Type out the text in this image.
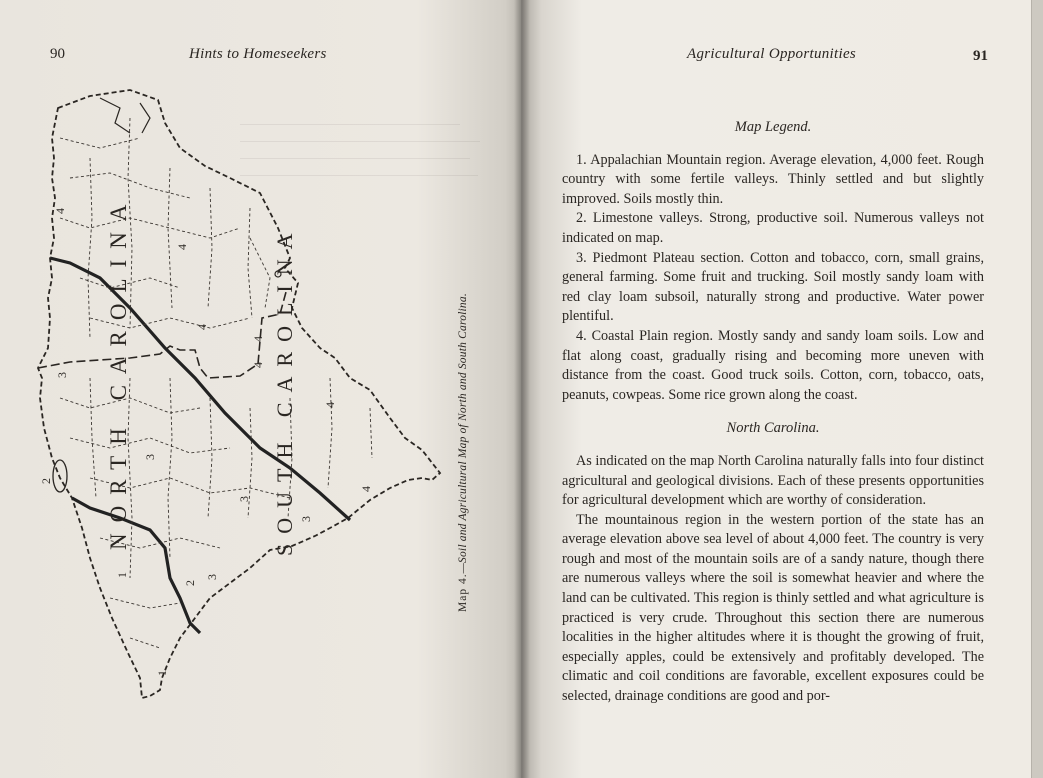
90	Hints to Homeseekers
4
4
4
4
4
4
4
3
3
3
3
3
1
1
2
2
NORTH CAROLINA	SOUTH CAROLINA
Map 4.—Soil and Agricultural Map of North and South Carolina.
Agricultural Opportunities	91
Map Legend.

1. Appalachian Mountain region. Average elevation, 4,000 feet. Rough country with some fertile valleys. Thinly settled and but slightly improved. Soils mostly thin.

2. Limestone valleys. Strong, productive soil. Numerous valleys not indicated on map.

3. Piedmont Plateau section. Cotton and tobacco, corn, small grains, general farming. Some fruit and trucking. Soil mostly sandy loam with red clay loam subsoil, naturally strong and productive. Water power plentiful.

4. Coastal Plain region. Mostly sandy and sandy loam soils. Low and flat along coast, gradually rising and becoming more uneven with distance from the coast. Good truck soils. Cotton, corn, tobacco, oats, peanuts, cowpeas. Some rice grown along the coast.

North Carolina.

As indicated on the map North Carolina naturally falls into four distinct agricultural and geological divisions. Each of these presents opportunities for agricultural development which are worthy of consideration.

The mountainous region in the western portion of the state has an average elevation above sea level of about 4,000 feet. The country is very rough and most of the mountain soils are of a sandy nature, though there are numerous valleys where the soil is somewhat heavier and where the land can be cultivated. This region is thinly settled and what agriculture is practiced is very crude. Throughout this section there are numerous localities in the higher altitudes where it is thought the growing of fruit, especially apples, could be extensively and profitably developed. The climatic and coil conditions are favorable, excellent exposures could be selected, drainage conditions are good and por-
